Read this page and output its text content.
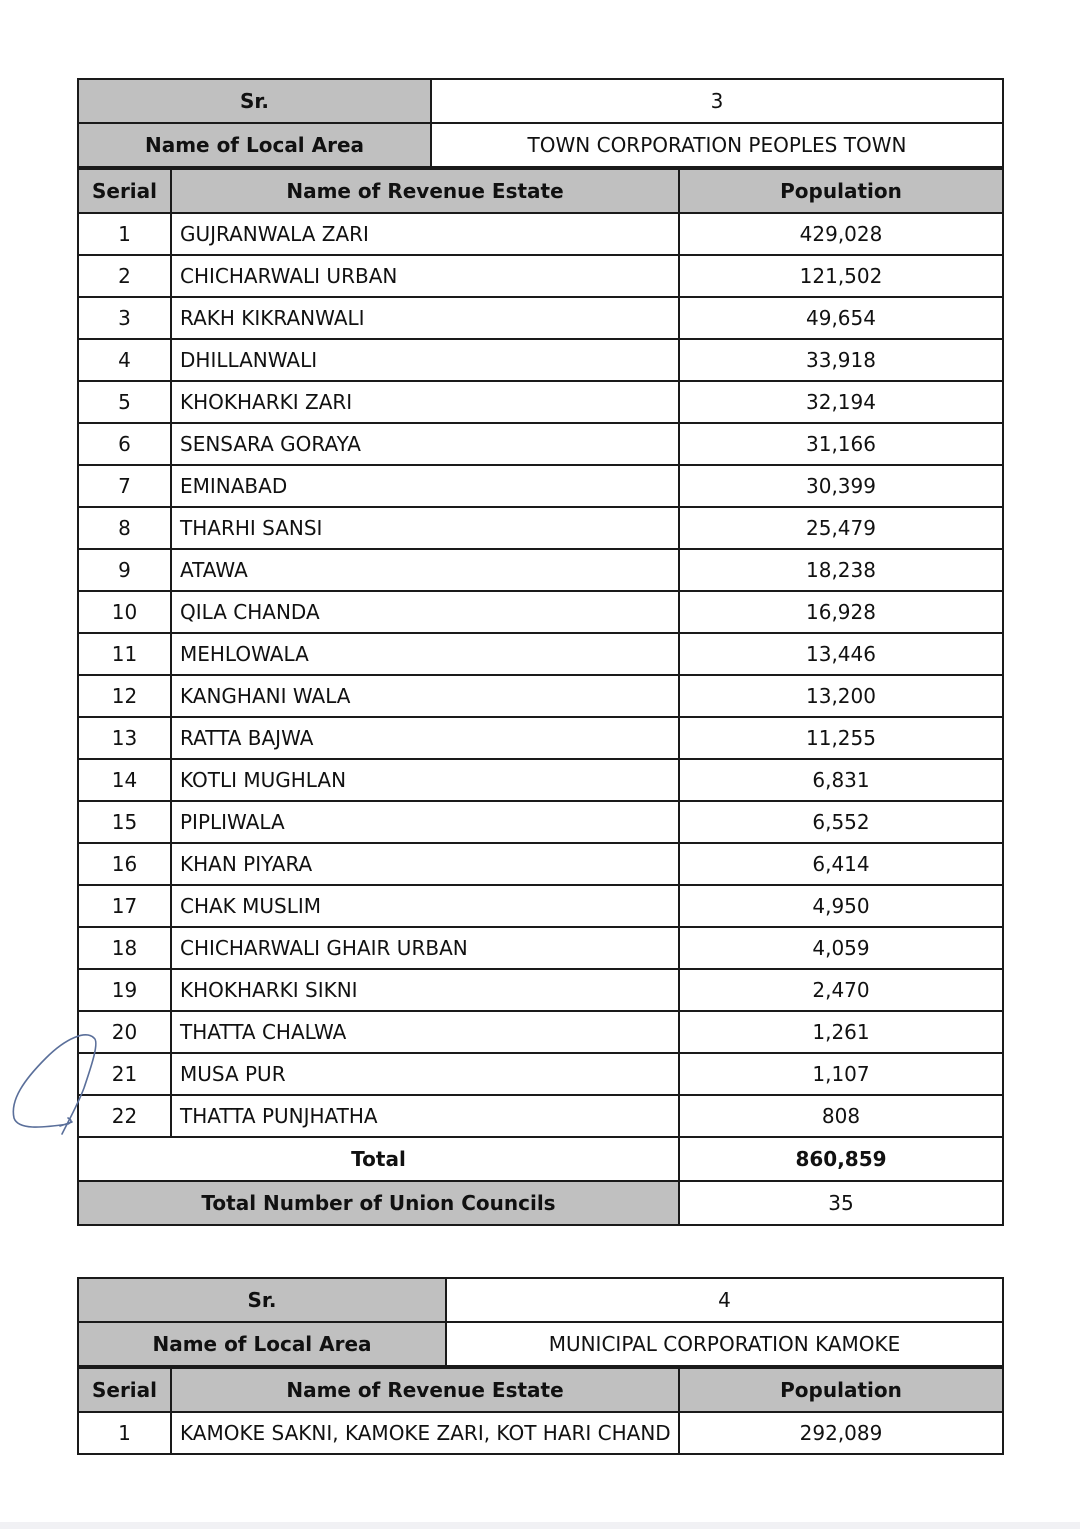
Sr.	3
Name of Local Area	TOWN CORPORATION PEOPLES TOWN
Serial	Name of Revenue Estate	Population
1	GUJRANWALA ZARI	429,028
2	CHICHARWALI URBAN	121,502
3	RAKH KIKRANWALI	49,654
4	DHILLANWALI	33,918
5	KHOKHARKI ZARI	32,194
6	SENSARA GORAYA	31,166
7	EMINABAD	30,399
8	THARHI SANSI	25,479
9	ATAWA	18,238
10	QILA CHANDA	16,928
11	MEHLOWALA	13,446
12	KANGHANI WALA	13,200
13	RATTA BAJWA	11,255
14	KOTLI MUGHLAN	6,831
15	PIPLIWALA	6,552
16	KHAN PIYARA	6,414
17	CHAK MUSLIM	4,950
18	CHICHARWALI GHAIR URBAN	4,059
19	KHOKHARKI SIKNI	2,470
20	THATTA CHALWA	1,261
21	MUSA PUR	1,107
22	THATTA PUNJHATHA	808
Total		860,859
Total Number of Union Councils		35
Sr.	4
Name of Local Area	MUNICIPAL CORPORATION KAMOKE
Serial	Name of Revenue Estate	Population
1	KAMOKE SAKNI, KAMOKE ZARI, KOT HARI CHAND	292,089
